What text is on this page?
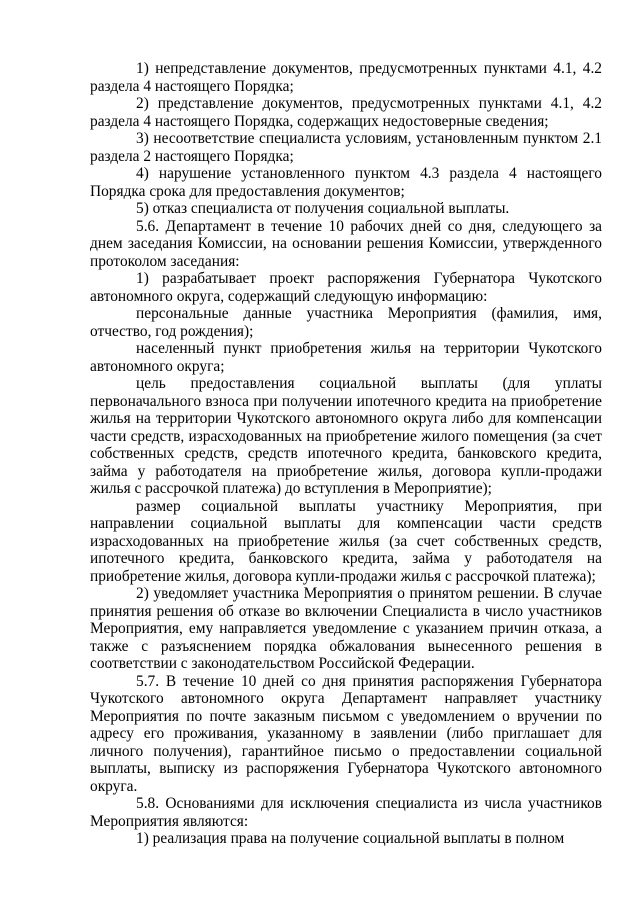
1) непредставление документов, предусмотренных пунктами 4.1, 4.2 раздела 4 настоящего Порядка;

2) представление документов, предусмотренных пунктами 4.1, 4.2 раздела 4 настоящего Порядка, содержащих недостоверные сведения;

3) несоответствие специалиста условиям, установленным пунктом 2.1 раздела 2 настоящего Порядка;

4) нарушение установленного пунктом 4.3 раздела 4 настоящего Порядка срока для предоставления документов;

5) отказ специалиста от получения социальной выплаты.

5.6. Департамент в течение 10 рабочих дней со дня, следующего за днем заседания Комиссии, на основании решения Комиссии, утвержденного протоколом заседания:

1) разрабатывает проект распоряжения Губернатора Чукотского автономного округа, содержащий следующую информацию:

персональные данные участника Мероприятия (фамилия, имя, отчество, год рождения);

населенный пункт приобретения жилья на территории Чукотского автономного округа;

цель предоставления социальной выплаты (для уплаты первоначального взноса при получении ипотечного кредита на приобретение жилья на территории Чукотского автономного округа либо для компенсации части средств, израсходованных на приобретение жилого помещения (за счет собственных средств, средств ипотечного кредита, банковского кредита, займа у работодателя на приобретение жилья, договора купли-продажи жилья с рассрочкой платежа) до вступления в Мероприятие);

размер социальной выплаты участнику Мероприятия, при направлении социальной выплаты для компенсации части средств израсходованных на приобретение жилья (за счет собственных средств, ипотечного кредита, банковского кредита, займа у работодателя на приобретение жилья, договора купли-продажи жилья с рассрочкой платежа);

2) уведомляет участника Мероприятия о принятом решении. В случае принятия решения об отказе во включении Специалиста в число участников Мероприятия, ему направляется уведомление с указанием причин отказа, а также с разъяснением порядка обжалования вынесенного решения в соответствии с законодательством Российской Федерации.

5.7. В течение 10 дней со дня принятия распоряжения Губернатора Чукотского автономного округа Департамент направляет участнику Мероприятия по почте заказным письмом с уведомлением о вручении по адресу его проживания, указанному в заявлении (либо приглашает для личного получения), гарантийное письмо о предоставлении социальной выплаты, выписку из распоряжения Губернатора Чукотского автономного округа.

5.8. Основаниями для исключения специалиста из числа участников Мероприятия являются:

1) реализация права на получение социальной выплаты в полном
